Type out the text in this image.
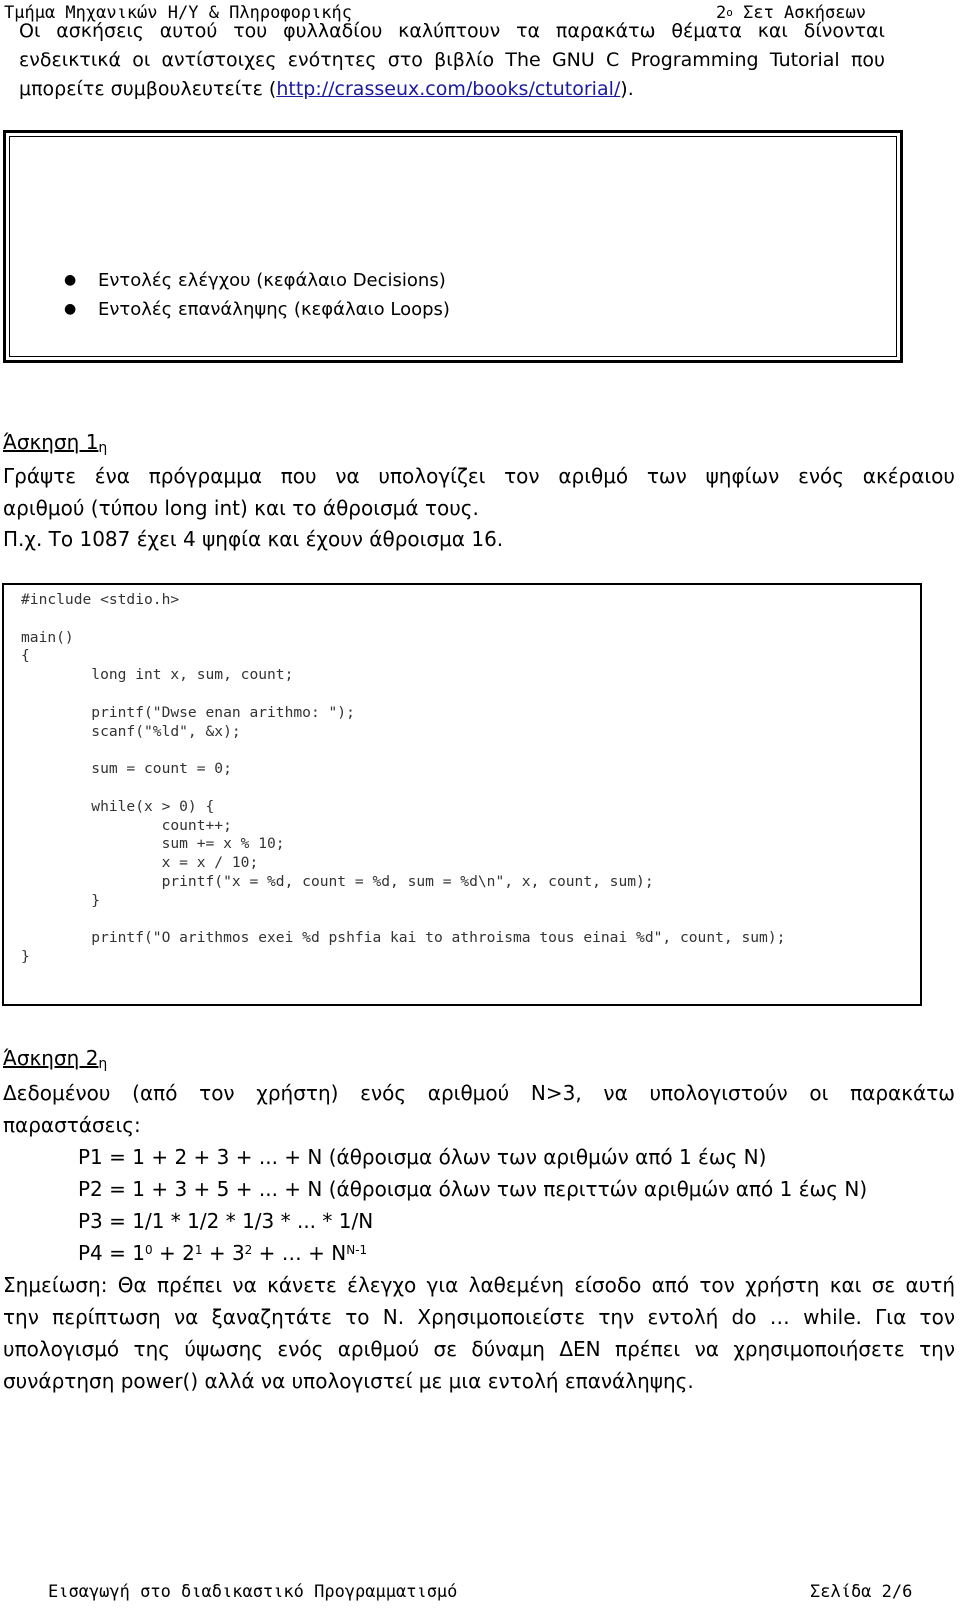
Τμήμα Μηχανικών Η/Υ & Πληροφορικής	$2^o$ Σετ Ασκήσεων
Οι ασκήσεις αυτού του φυλλαδίου καλύπτουν τα παρακάτω θέματα και δίνονται
ενδεικτικά οι αντίστοιχες ενότητες στο βιβλίο The GNU C Programming Tutorial που
μπορείτε συμβουλευτείτε (http://crasseux.com/books/ctutorial/).
● Εντολές ελέγχου (κεφάλαιο Decisions)
● Εντολές επανάληψης (κεφάλαιο Loops)
Άσκηση 1η
Γράψτε ένα πρόγραμμα που να υπολογίζει τον αριθμό των ψηφίων ενός ακέραιου
αριθμού (τύπου long int) και το άθροισμά τους.
Π.χ. Το 1087 έχει 4 ψηφία και έχουν άθροισμα 16.
#include <stdio.h>

main()
{
long int x, sum, count;

printf("Dwse enan arithmo: ");
scanf("%ld", &x);

sum = count = 0;

while(x > 0) {
count++;
sum += x % 10;
x = x / 10;
printf("x = %d, count = %d, sum = %d\n", x, count, sum);
}

printf("O arithmos exei %d pshfia kai to athroisma tous einai %d", count, sum);
}
Άσκηση 2η
Δεδομένου (από τον χρήστη) ενός αριθμού N>3, να υπολογιστούν οι παρακάτω
παραστάσεις:
P1 = 1 + 2 + 3 + ... + N (άθροισμα όλων των αριθμών από 1 έως N)
P2 = 1 + 3 + 5 + ... + N (άθροισμα όλων των περιττών αριθμών από 1 έως N)
P3 = 1/1 * 1/2 * 1/3 * ... * 1/N
$P4 = 1^0 + 2^1 + 3^2$ + … + $N^{N-1}$
Σημείωση: Θα πρέπει να κάνετε έλεγχο για λαθεμένη είσοδο από τον χρήστη και σε αυτή
την περίπτωση να ξαναζητάτε το N. Χρησιμοποιείστε την εντολή do … while. Για τον
υπολογισμό της ύψωσης ενός αριθμού σε δύναμη ΔΕΝ πρέπει να χρησιμοποιήσετε την
συνάρτηση power() αλλά να υπολογιστεί με μια εντολή επανάληψης.
Εισαγωγή στο διαδικαστικό Προγραμματισμό	Σελίδα 2/6
